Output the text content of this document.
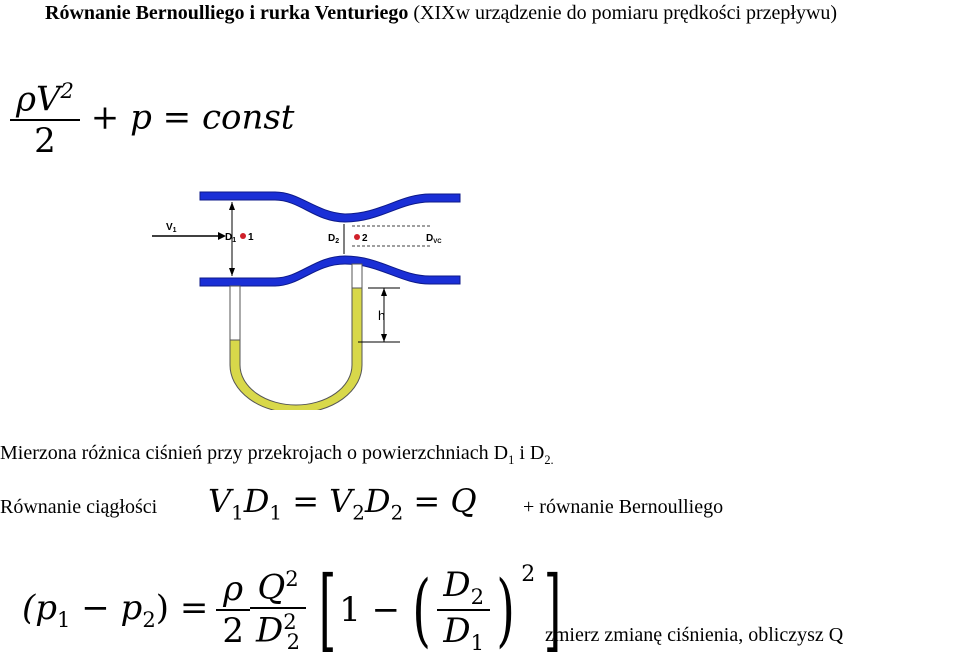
Równanie Bernoulliego i rurka Venturiego (XIXw urządzenie do pomiaru prędkości przepływu)
$\frac{\rho V^2}{2} + p$ = const
$V_1$
$D_1$ 1	$D_2$ 2	$D_{VC}$
h
Mierzona różnica ciśnień przy przekrojach o powierzchniach $D_1$ i $D_{2.}$
Równanie ciągłości $V_1D_1 = V_2D_2 = Q$ + równanie Bernoulliego
$(p_1 - p_2) = \frac{\rho}{2} \frac{Q^2}{D^2_2}$ [ 1 − ( $\frac{D_2}{D_1}$ ) $^2$ ]
zmierz zmianę ciśnienia, obliczysz Q
